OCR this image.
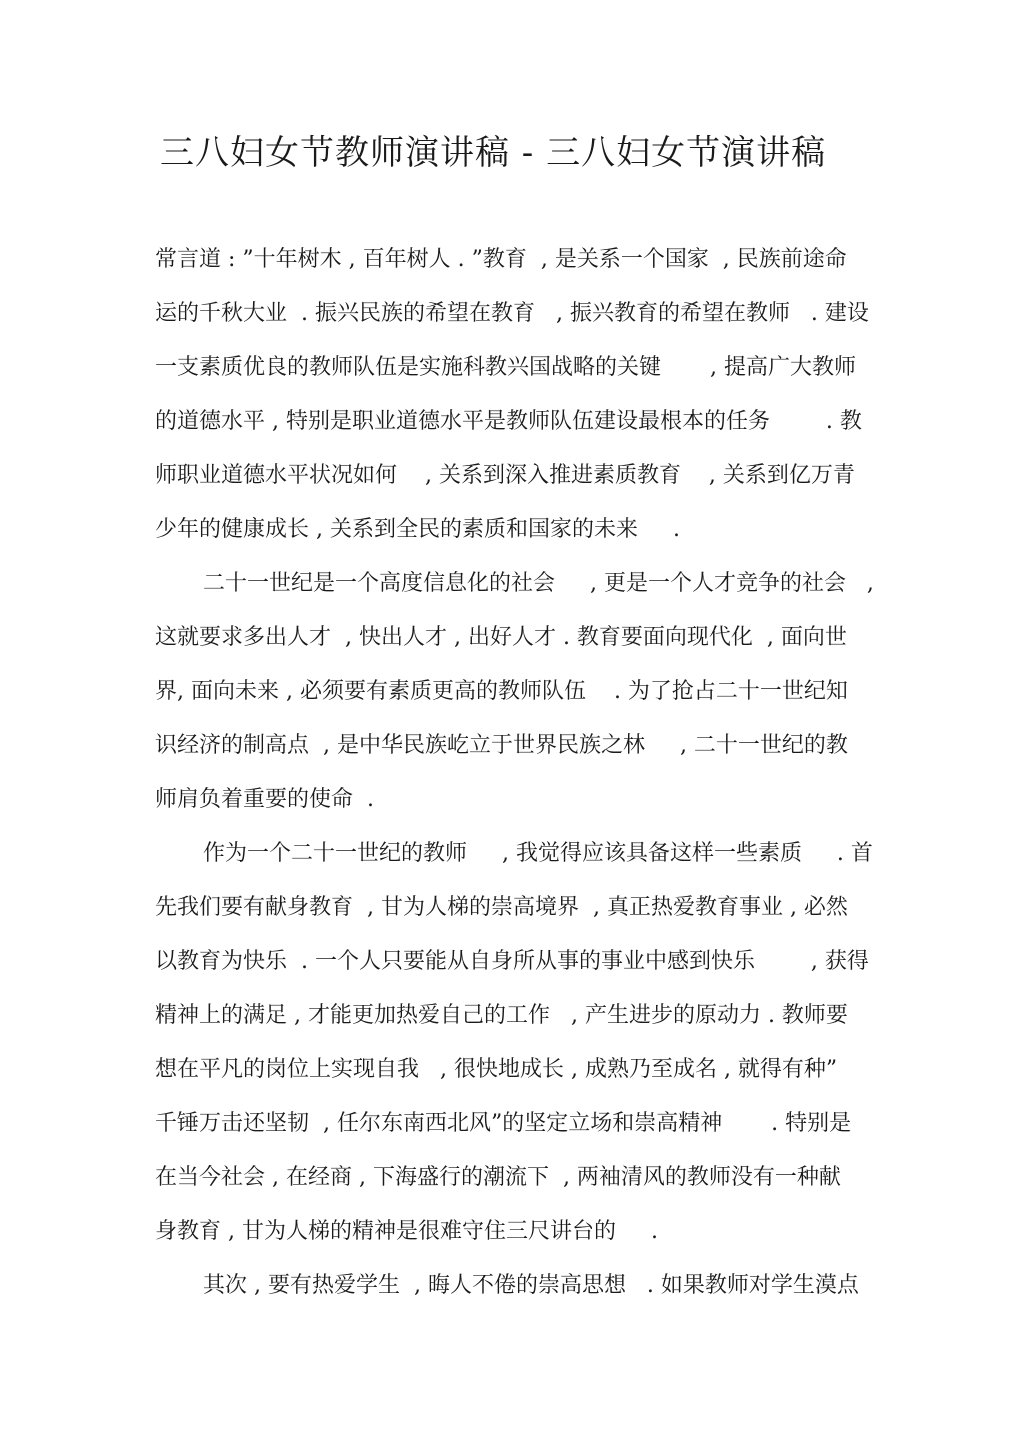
三八妇女节教师演讲稿 - 三八妇女节演讲稿
常言道 : ”十年树木 , 百年树人 . ”教育  , 是关系一个国家  , 民族前途命
运的千秋大业  . 振兴民族的希望在教育   , 振兴教育的希望在教师   . 建设
一支素质优良的教师队伍是实施科教兴国战略的关键       , 提高广大教师
的道德水平 , 特别是职业道德水平是教师队伍建设最根本的任务        . 教
师职业道德水平状况如何    , 关系到深入推进素质教育    , 关系到亿万青
少年的健康成长 , 关系到全民的素质和国家的未来     .
二十一世纪是一个高度信息化的社会     , 更是一个人才竞争的社会   ,
这就要求多出人才  , 快出人才 , 出好人才 . 教育要面向现代化  , 面向世
界, 面向未来 , 必须要有素质更高的教师队伍    . 为了抢占二十一世纪知
识经济的制高点  , 是中华民族屹立于世界民族之林     , 二十一世纪的教
师肩负着重要的使命  .
作为一个二十一世纪的教师     , 我觉得应该具备这样一些素质     . 首
先我们要有献身教育  , 甘为人梯的崇高境界  , 真正热爱教育事业 , 必然
以教育为快乐  . 一个人只要能从自身所从事的事业中感到快乐        , 获得
精神上的满足 , 才能更加热爱自己的工作   , 产生进步的原动力 . 教师要
想在平凡的岗位上实现自我   , 很快地成长 , 成熟乃至成名 , 就得有种”
千锤万击还坚韧  , 任尔东南西北风”的坚定立场和崇高精神       . 特别是
在当今社会 , 在经商 , 下海盛行的潮流下  , 两袖清风的教师没有一种献
身教育 , 甘为人梯的精神是很难守住三尺讲台的     .
其次 , 要有热爱学生  , 晦人不倦的崇高思想   . 如果教师对学生漠点
